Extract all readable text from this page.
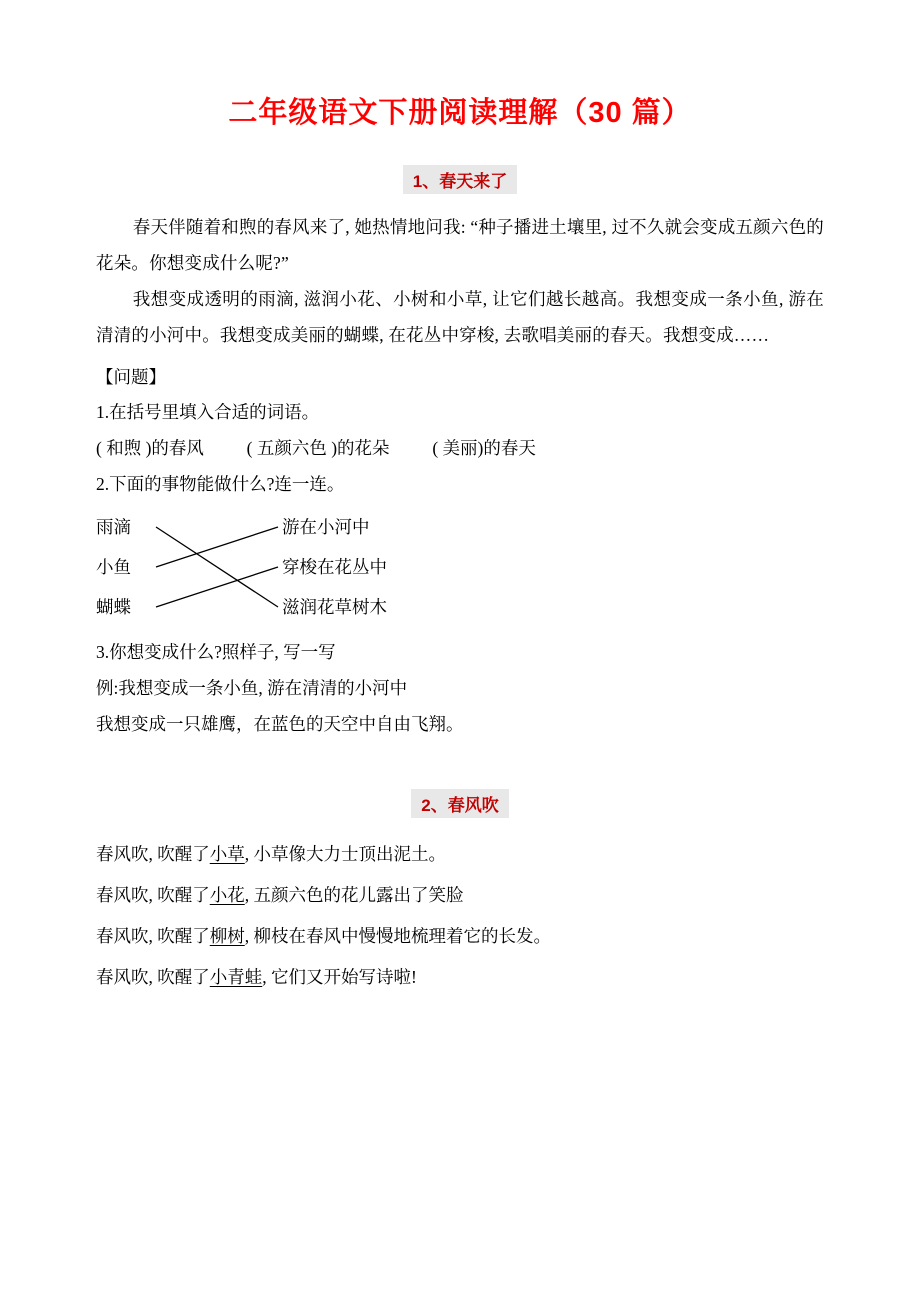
二年级语文下册阅读理解（30 篇）
1、春天来了

春天伴随着和煦的春风来了, 她热情地问我: “种子播进土壤里, 过不久就会变成五颜六色的花朵。你想变成什么呢?”

我想变成透明的雨滴, 滋润小花、小树和小草, 让它们越长越高。我想变成一条小鱼, 游在清清的小河中。我想变成美丽的蝴蝶, 在花丛中穿梭, 去歌唱美丽的春天。我想变成……

【问题】

1.在括号里填入合适的词语。

( 和煦 )的春风 ( 五颜六色 )的花朵 ( 美丽)的春天

2.下面的事物能做什么?连一连。

雨滴
小鱼
蝴蝶
游在小河中
穿梭在花丛中
滋润花草树木

3.你想变成什么?照样子, 写一写

例:我想变成一条小鱼, 游在清清的小河中

我想变成一只雄鹰，在蓝色的天空中自由飞翔。

2、春风吹

春风吹, 吹醒了小草, 小草像大力士顶出泥土。

春风吹, 吹醒了小花, 五颜六色的花儿露出了笑脸

春风吹, 吹醒了柳树, 柳枝在春风中慢慢地梳理着它的长发。

春风吹, 吹醒了小青蛙, 它们又开始写诗啦!
